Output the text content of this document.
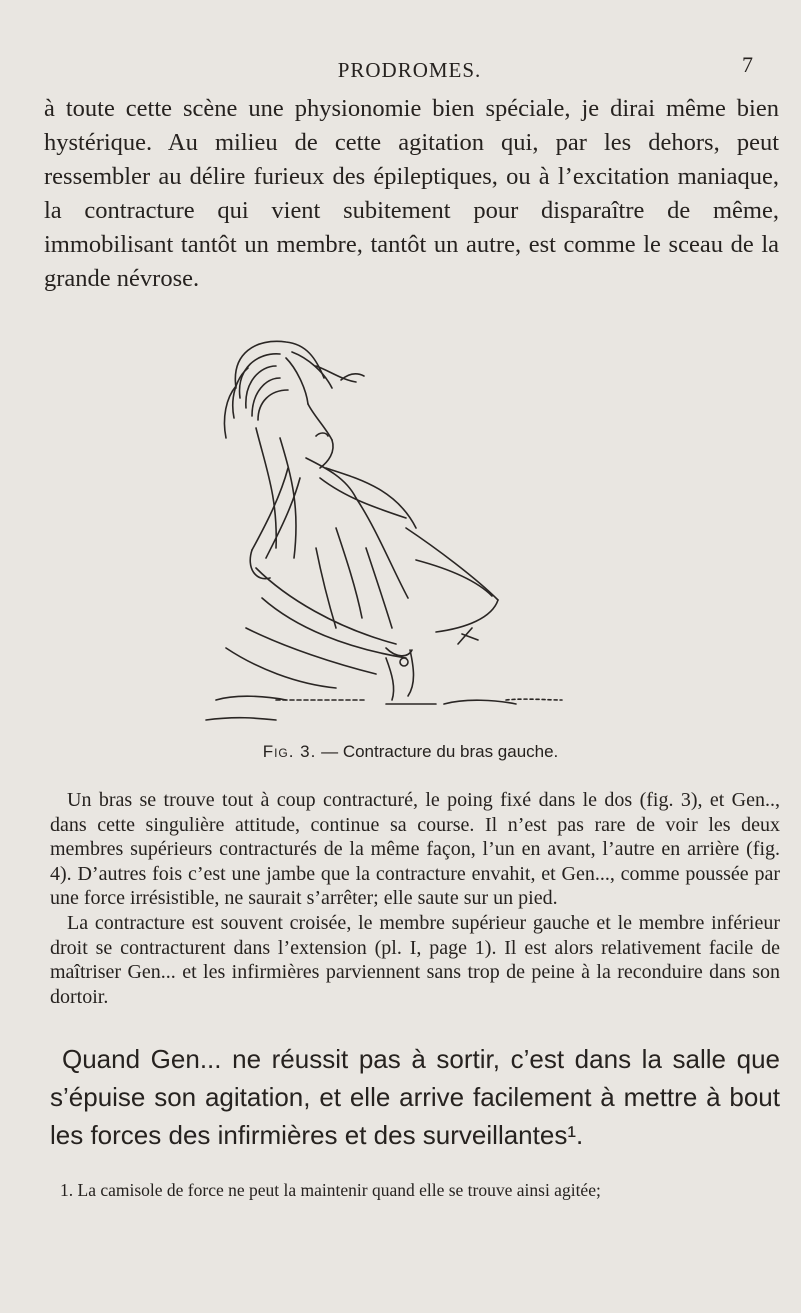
PRODROMES.	7

à toute cette scène une physionomie bien spéciale, je dirai même bien hystérique. Au milieu de cette agitation qui, par les dehors, peut ressembler au délire furieux des épileptiques, ou à l’excitation maniaque, la contracture qui vient subitement pour disparaître de même, immobilisant tantôt un membre, tantôt un autre, est comme le sceau de la grande névrose.

Fig. 3. — Contracture du bras gauche.

Un bras se trouve tout à coup contracturé, le poing fixé dans le dos (fig. 3), et Gen.., dans cette singulière attitude, continue sa course. Il n’est pas rare de voir les deux membres supérieurs contracturés de la même façon, l’un en avant, l’autre en arrière (fig. 4). D’autres fois c’est une jambe que la contracture envahit, et Gen..., comme poussée par une force irrésistible, ne saurait s’arrêter; elle saute sur un pied.

La contracture est souvent croisée, le membre supérieur gauche et le membre inférieur droit se contracturent dans l’extension (pl. I, page 1). Il est alors relativement facile de maîtriser Gen... et les infirmières parviennent sans trop de peine à la reconduire dans son dortoir.

Quand Gen... ne réussit pas à sortir, c’est dans la salle que s’épuise son agitation, et elle arrive facilement à mettre à bout les forces des infirmières et des surveillantes¹.

1. La camisole de force ne peut la maintenir quand elle se trouve ainsi agitée;
